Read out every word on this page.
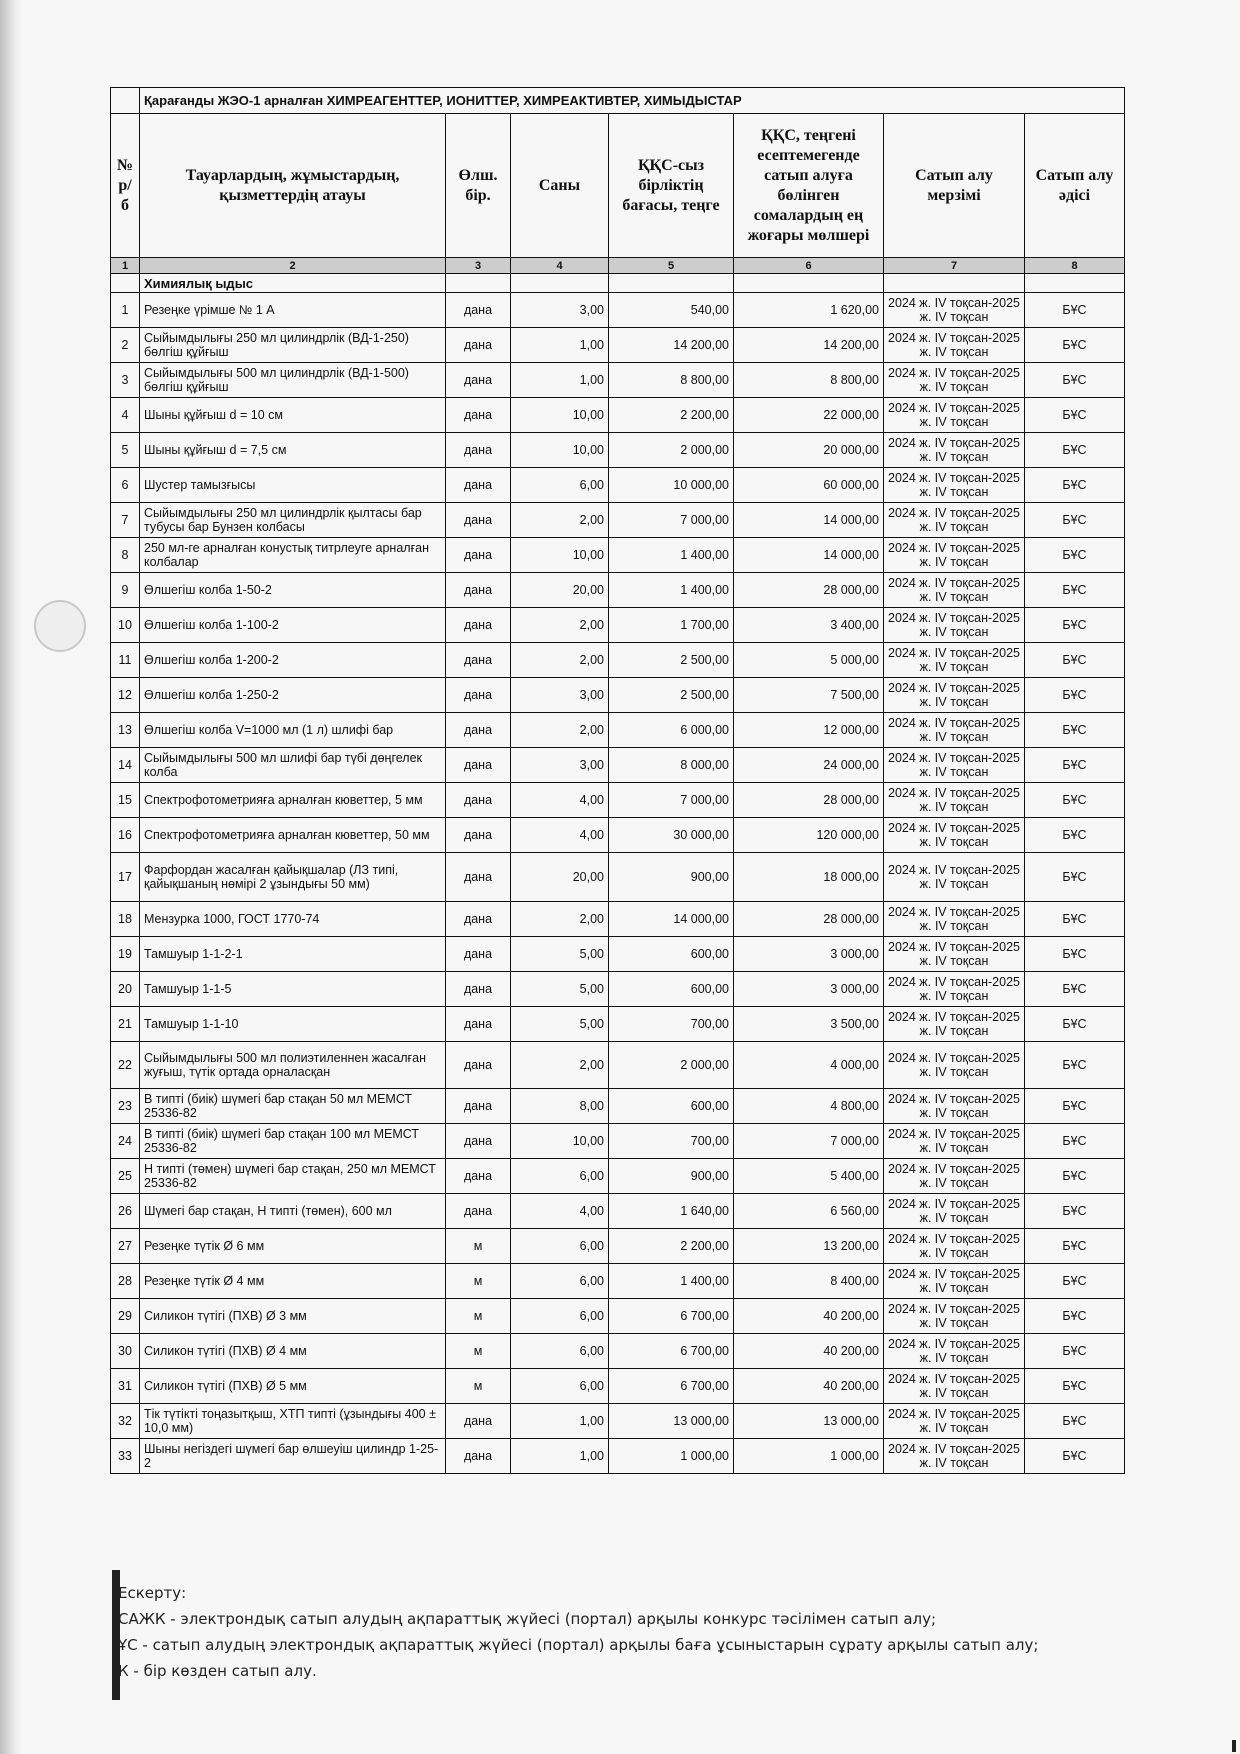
	Қарағанды ЖЭО-1 арналған ХИМРЕАГЕНТТЕР, ИОНИТТЕР, ХИМРЕАКТИВТЕР, ХИМЫДЫСТАР						
№ р/б	Тауарлардың, жұмыстардың, қызметтердің атауы	Өлш. бір.	Саны	ҚҚС-сыз бірліктің бағасы, теңге	ҚҚС, теңгені есептемегенде сатып алуға бөлінген сомалардың ең жоғары мөлшері	Сатып алу мерзімі	Сатып алу әдісі
1	2	3	4	5	6	7	8
	Химиялық ыдыс						
1	Резеңке үрімше № 1 А	дана	3,00	540,00	1 620,00	2024 ж. IV тоқсан-2025 ж. IV тоқсан	БҰС
2	Сыйымдылығы 250 мл цилиндрлік (ВД-1-250) бөлгіш құйғыш	дана	1,00	14 200,00	14 200,00	2024 ж. IV тоқсан-2025 ж. IV тоқсан	БҰС
3	Сыйымдылығы 500 мл цилиндрлік (ВД-1-500) бөлгіш құйғыш	дана	1,00	8 800,00	8 800,00	2024 ж. IV тоқсан-2025 ж. IV тоқсан	БҰС
4	Шыны құйғыш d = 10 см	дана	10,00	2 200,00	22 000,00	2024 ж. IV тоқсан-2025 ж. IV тоқсан	БҰС
5	Шыны құйғыш d = 7,5 см	дана	10,00	2 000,00	20 000,00	2024 ж. IV тоқсан-2025 ж. IV тоқсан	БҰС
6	Шустер тамызғысы	дана	6,00	10 000,00	60 000,00	2024 ж. IV тоқсан-2025 ж. IV тоқсан	БҰС
7	Сыйымдылығы 250 мл цилиндрлік қылтасы бар тубусы бар Бунзен колбасы	дана	2,00	7 000,00	14 000,00	2024 ж. IV тоқсан-2025 ж. IV тоқсан	БҰС
8	250 мл-ге арналған конустық титрлеуге арналған колбалар	дана	10,00	1 400,00	14 000,00	2024 ж. IV тоқсан-2025 ж. IV тоқсан	БҰС
9	Өлшегіш колба 1-50-2	дана	20,00	1 400,00	28 000,00	2024 ж. IV тоқсан-2025 ж. IV тоқсан	БҰС
10	Өлшегіш колба 1-100-2	дана	2,00	1 700,00	3 400,00	2024 ж. IV тоқсан-2025 ж. IV тоқсан	БҰС
11	Өлшегіш колба 1-200-2	дана	2,00	2 500,00	5 000,00	2024 ж. IV тоқсан-2025 ж. IV тоқсан	БҰС
12	Өлшегіш колба 1-250-2	дана	3,00	2 500,00	7 500,00	2024 ж. IV тоқсан-2025 ж. IV тоқсан	БҰС
13	Өлшегіш колба V=1000 мл (1 л) шлифі бар	дана	2,00	6 000,00	12 000,00	2024 ж. IV тоқсан-2025 ж. IV тоқсан	БҰС
14	Сыйымдылығы 500 мл шлифі бар түбі дөңгелек колба	дана	3,00	8 000,00	24 000,00	2024 ж. IV тоқсан-2025 ж. IV тоқсан	БҰС
15	Спектрофотометрияға арналған кюветтер, 5 мм	дана	4,00	7 000,00	28 000,00	2024 ж. IV тоқсан-2025 ж. IV тоқсан	БҰС
16	Спектрофотометрияға арналған кюветтер, 50 мм	дана	4,00	30 000,00	120 000,00	2024 ж. IV тоқсан-2025 ж. IV тоқсан	БҰС
17	Фарфордан жасалған қайықшалар (ЛЗ типі, қайықшаның нөмірі 2 ұзындығы 50 мм)	дана	20,00	900,00	18 000,00	2024 ж. IV тоқсан-2025 ж. IV тоқсан	БҰС
18	Мензурка 1000, ГОСТ 1770-74	дана	2,00	14 000,00	28 000,00	2024 ж. IV тоқсан-2025 ж. IV тоқсан	БҰС
19	Тамшуыр 1-1-2-1	дана	5,00	600,00	3 000,00	2024 ж. IV тоқсан-2025 ж. IV тоқсан	БҰС
20	Тамшуыр 1-1-5	дана	5,00	600,00	3 000,00	2024 ж. IV тоқсан-2025 ж. IV тоқсан	БҰС
21	Тамшуыр 1-1-10	дана	5,00	700,00	3 500,00	2024 ж. IV тоқсан-2025 ж. IV тоқсан	БҰС
22	Сыйымдылығы 500 мл полиэтиленнен жасалған жуғыш, түтік ортада орналасқан	дана	2,00	2 000,00	4 000,00	2024 ж. IV тоқсан-2025 ж. IV тоқсан	БҰС
23	В типті (биік) шүмегі бар стақан 50 мл МЕМСТ 25336-82	дана	8,00	600,00	4 800,00	2024 ж. IV тоқсан-2025 ж. IV тоқсан	БҰС
24	В типті (биік) шүмегі бар стақан 100 мл МЕМСТ 25336-82	дана	10,00	700,00	7 000,00	2024 ж. IV тоқсан-2025 ж. IV тоқсан	БҰС
25	Н типті (төмен) шүмегі бар стақан, 250 мл МЕМСТ 25336-82	дана	6,00	900,00	5 400,00	2024 ж. IV тоқсан-2025 ж. IV тоқсан	БҰС
26	Шүмегі бар стақан, Н типті (төмен), 600 мл	дана	4,00	1 640,00	6 560,00	2024 ж. IV тоқсан-2025 ж. IV тоқсан	БҰС
27	Резеңке түтік Ø 6 мм	м	6,00	2 200,00	13 200,00	2024 ж. IV тоқсан-2025 ж. IV тоқсан	БҰС
28	Резеңке түтік Ø 4 мм	м	6,00	1 400,00	8 400,00	2024 ж. IV тоқсан-2025 ж. IV тоқсан	БҰС
29	Силикон түтігі (ПХВ) Ø 3 мм	м	6,00	6 700,00	40 200,00	2024 ж. IV тоқсан-2025 ж. IV тоқсан	БҰС
30	Силикон түтігі (ПХВ) Ø 4 мм	м	6,00	6 700,00	40 200,00	2024 ж. IV тоқсан-2025 ж. IV тоқсан	БҰС
31	Силикон түтігі (ПХВ) Ø 5 мм	м	6,00	6 700,00	40 200,00	2024 ж. IV тоқсан-2025 ж. IV тоқсан	БҰС
32	Тік түтікті тоңазытқыш, ХТП типті (ұзындығы 400 ± 10,0 мм)	дана	1,00	13 000,00	13 000,00	2024 ж. IV тоқсан-2025 ж. IV тоқсан	БҰС
33	Шыны негіздегі шүмегі бар өлшеуіш цилиндр 1-25-2	дана	1,00	1 000,00	1 000,00	2024 ж. IV тоқсан-2025 ж. IV тоқсан	БҰС
Ескерту:
САЖК - электрондық сатып алудың ақпараттық жүйесі (портал) арқылы конкурс тәсілімен сатып алу;
ҰС - сатып алудың электрондық ақпараттық жүйесі (портал) арқылы баға ұсыныстарын сұрату арқылы сатып алу;
К - бір көзден сатып алу.
